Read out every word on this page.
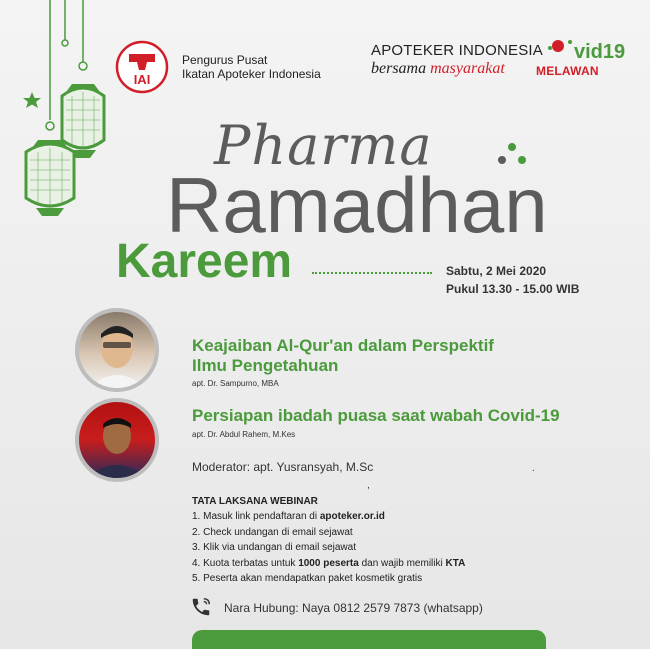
IAI
Pengurus Pusat
Ikatan Apoteker Indonesia
APOTEKER INDONESIA
bersama masyarakat
vid19
MELAWAN
Pharma
Ramadhan
Kareem	Sabtu, 2 Mei 2020
Pukul 13.30 - 15.00 WIB
Keajaiban Al-Qur'an dalam Perspektif
Ilmu Pengetahuan
apt. Dr. Sampurno, MBA
Persiapan ibadah puasa saat wabah Covid-19
apt. Dr. Abdul Rahem, M.Kes
Moderator: apt. Yusransyah, M.Sc	.
,
TATA LAKSANA WEBINAR
1. Masuk link pendaftaran di apoteker.or.id
2. Check undangan di email sejawat
3. Klik via undangan di email sejawat
4. Kuota terbatas untuk 1000 peserta dan wajib memiliki KTA
5. Peserta akan mendapatkan paket kosmetik gratis
Nara Hubung: Naya 0812 2579 7873 (whatsapp)
